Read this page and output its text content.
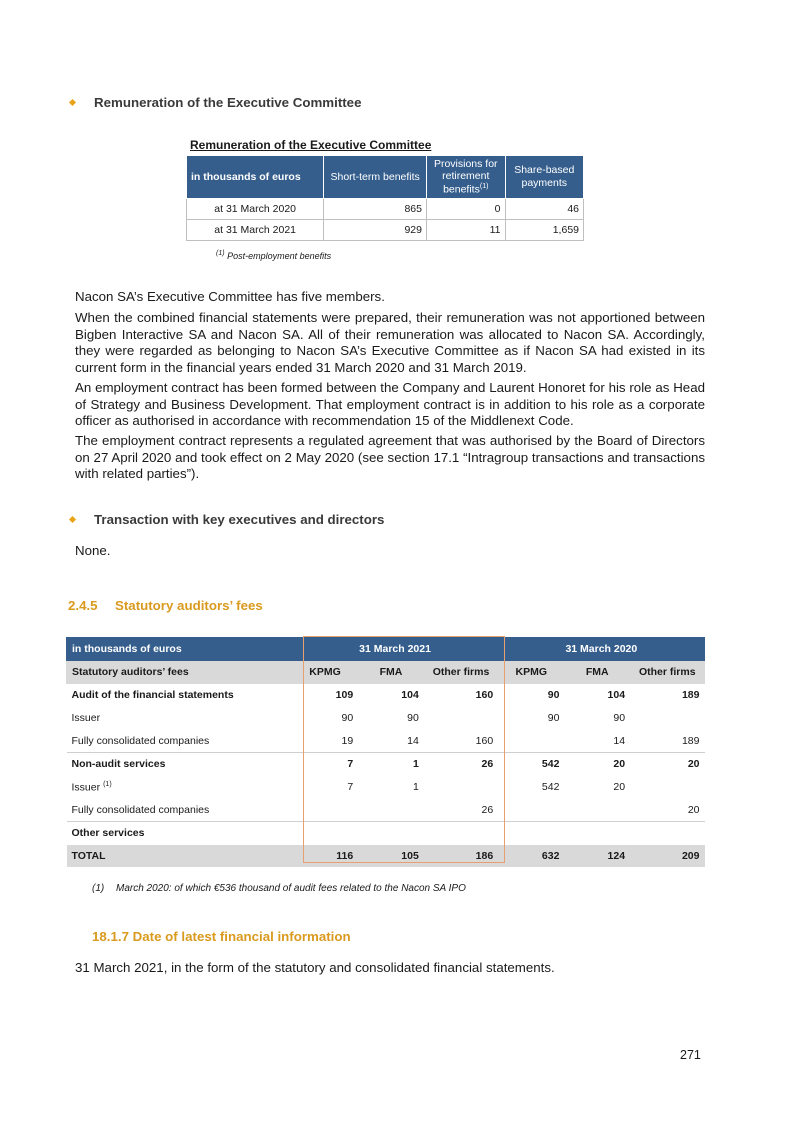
Remuneration of the Executive Committee
Remuneration of the Executive Committee
in thousands of euros	Short-term benefits	Provisions for retirement benefits$^{(1)}$	Share-based payments
at 31 March 2020	865	0	46
at 31 March 2021	929	11	1,659
$^{(1)}$ Post-employment benefits
Nacon SA’s Executive Committee has five members.
When the combined financial statements were prepared, their remuneration was not apportioned between Bigben Interactive SA and Nacon SA. All of their remuneration was allocated to Nacon SA. Accordingly, they were regarded as belonging to Nacon SA’s Executive Committee as if Nacon SA had existed in its current form in the financial years ended 31 March 2020 and 31 March 2019.
An employment contract has been formed between the Company and Laurent Honoret for his role as Head of Strategy and Business Development. That employment contract is in addition to his role as a corporate officer as authorised in accordance with recommendation 15 of the Middlenext Code.
The employment contract represents a regulated agreement that was authorised by the Board of Directors on 27 April 2020 and took effect on 2 May 2020 (see section 17.1 “Intragroup transactions and transactions with related parties”).
Transaction with key executives and directors
None.
2.4.5 Statutory auditors’ fees
in thousands of euros	31 March 2021			31 March 2020		
Statutory auditors’ fees	KPMG	FMA	Other firms	KPMG	FMA	Other firms
Audit of the financial statements	109	104	160	90	104	189
Issuer	90	90		90	90	
Fully consolidated companies	19	14	160		14	189
Non-audit services	7	1	26	542	20	20
Issuer $^{(1)}$	7	1		542	20	
Fully consolidated companies			26			20
Other services						
TOTAL	116	105	186	632	124	209
(1) March 2020: of which €536 thousand of audit fees related to the Nacon SA IPO
18.1.7 Date of latest financial information
31 March 2021, in the form of the statutory and consolidated financial statements.
271
